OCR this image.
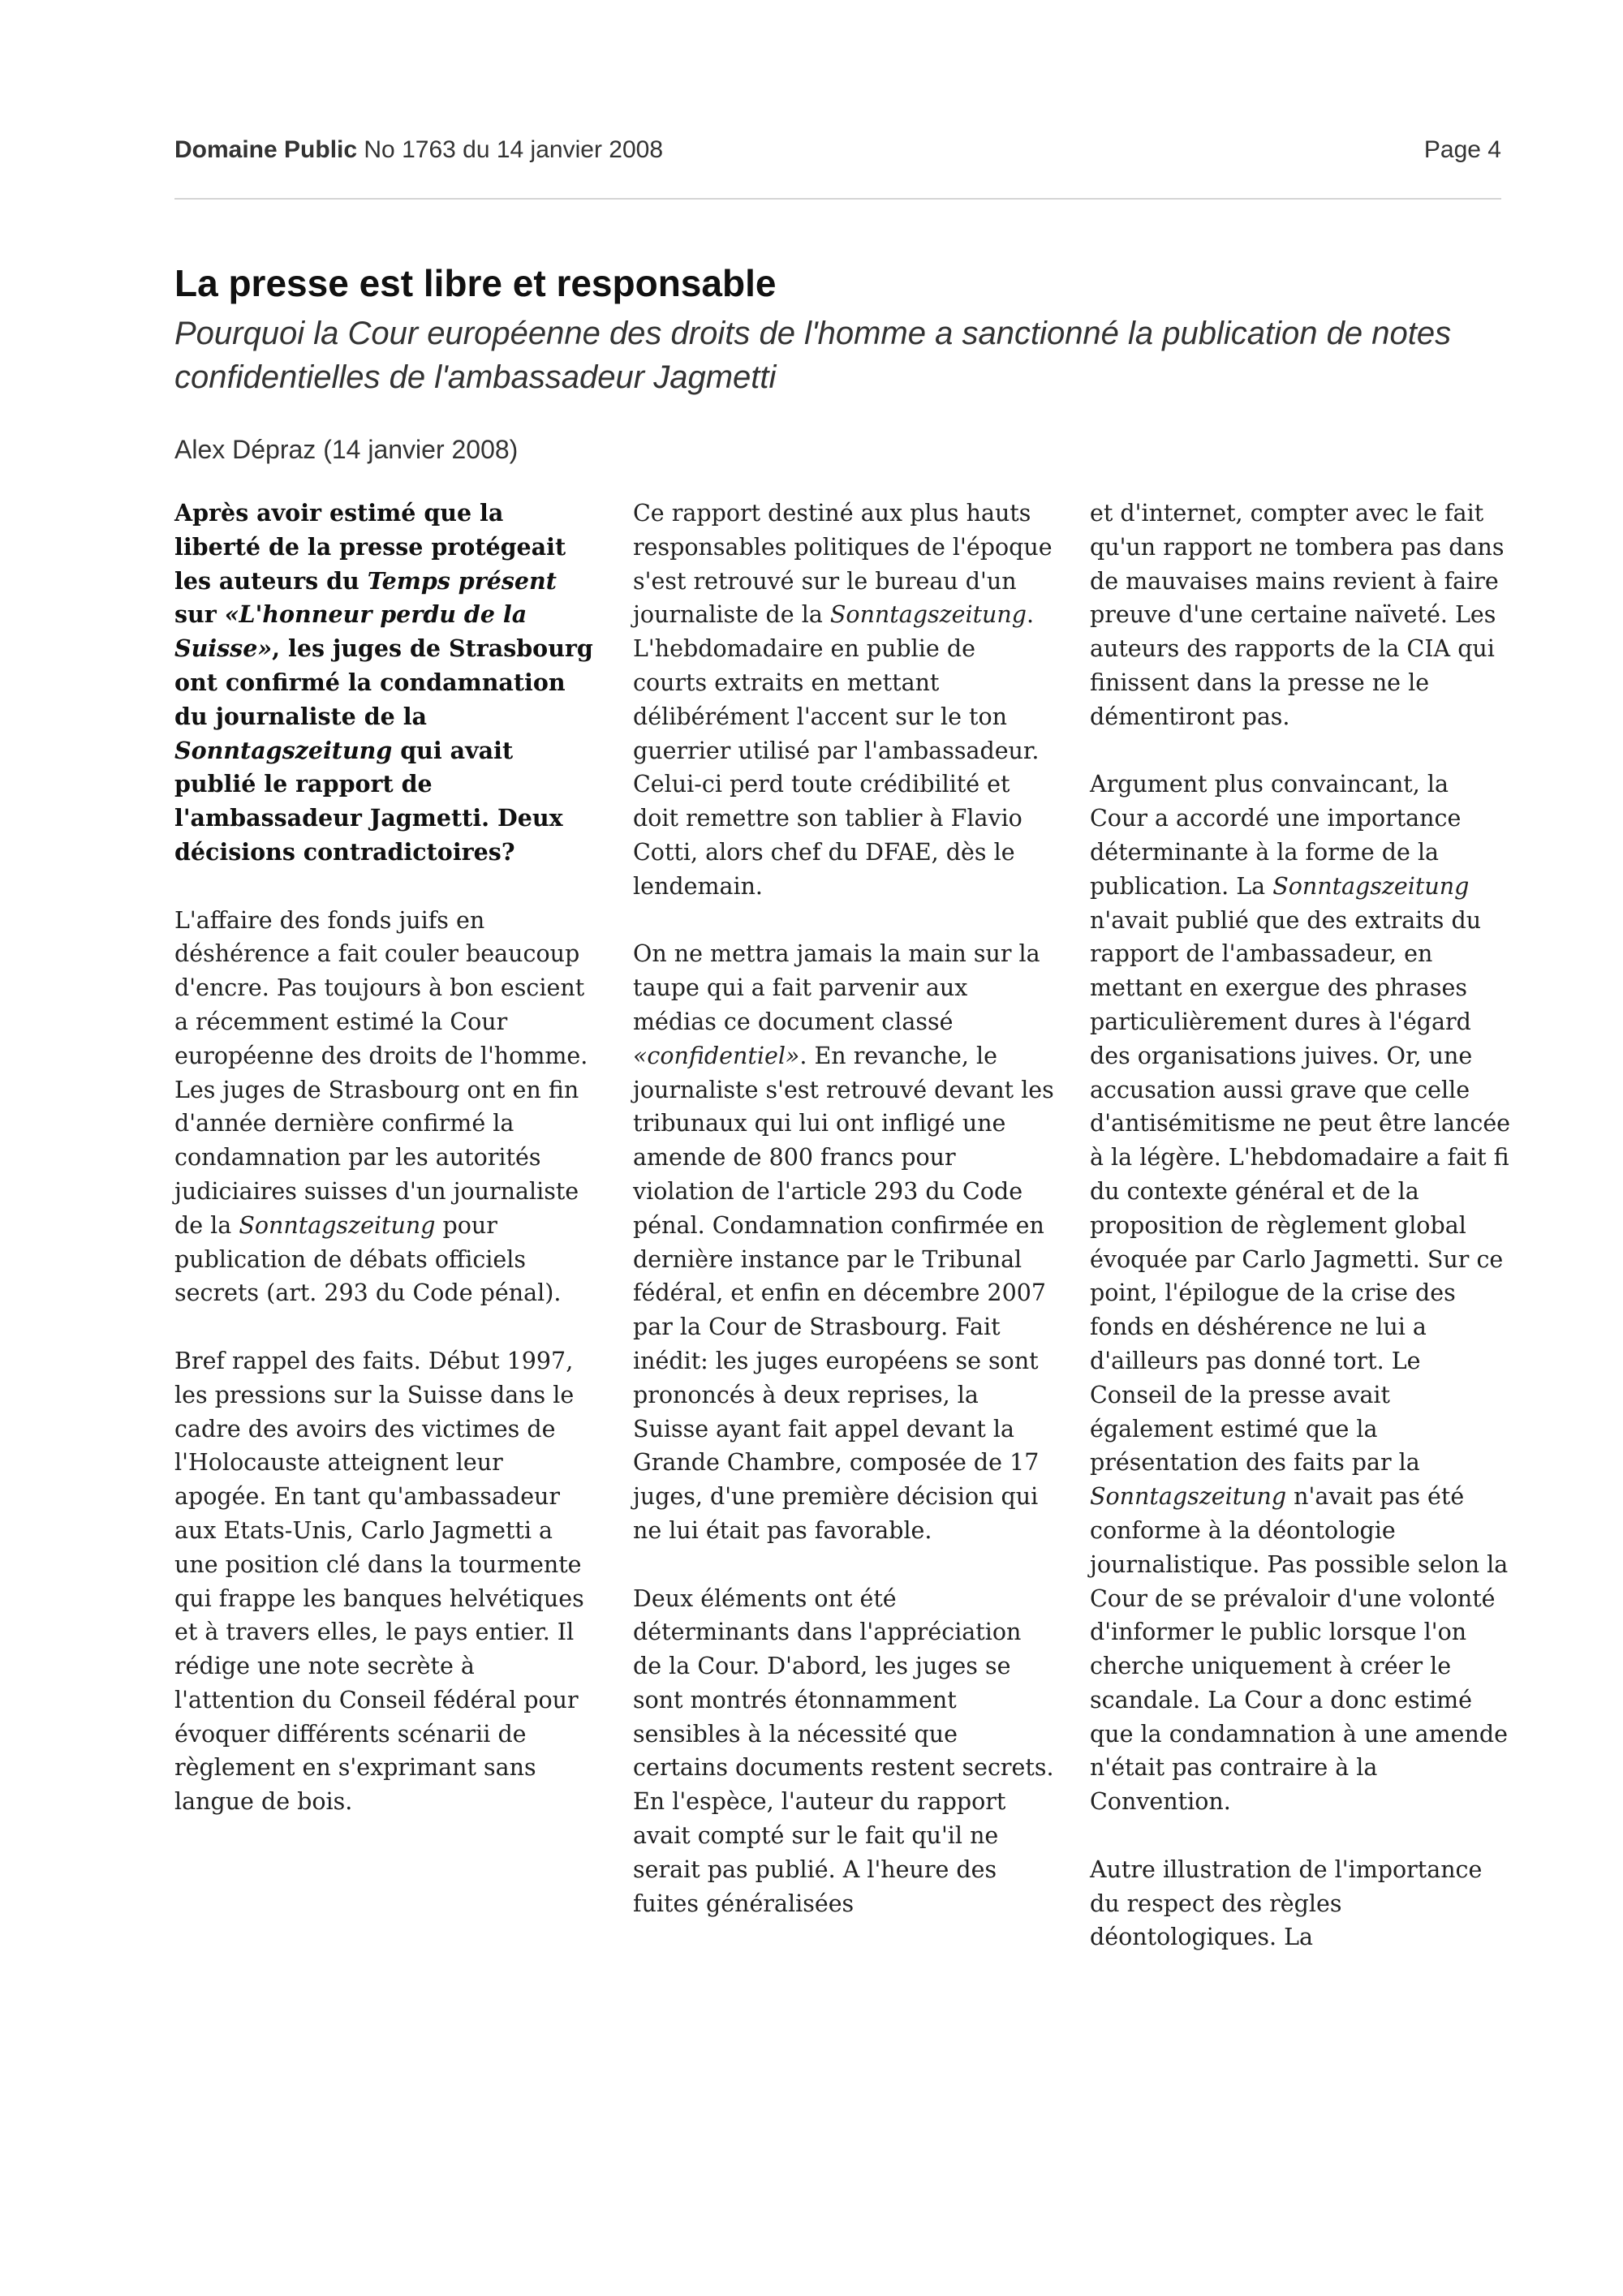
Domaine Public No 1763 du 14 janvier 2008	Page 4
La presse est libre et responsable

Pourquoi la Cour européenne des droits de l'homme a sanctionné la publication de notes confidentielles de l'ambassadeur Jagmetti

Alex Dépraz (14 janvier 2008)

Après avoir estimé que la liberté de la presse protégeait les auteurs du Temps présent sur «L'honneur perdu de la Suisse», les juges de Strasbourg ont confirmé la condamnation du journaliste de la Sonntagszeitung qui avait publié le rapport de l'ambassadeur Jagmetti. Deux décisions contradictoires?

L'affaire des fonds juifs en déshérence a fait couler beaucoup d'encre. Pas toujours à bon escient a récemment estimé la Cour européenne des droits de l'homme. Les juges de Strasbourg ont en fin d'année dernière confirmé la condamnation par les autorités judiciaires suisses d'un journaliste de la Sonntagszeitung pour publication de débats officiels secrets (art. 293 du Code pénal).

Bref rappel des faits. Début 1997, les pressions sur la Suisse dans le cadre des avoirs des victimes de l'Holocauste atteignent leur apogée. En tant qu'ambassadeur aux Etats-Unis, Carlo Jagmetti a une position clé dans la tourmente qui frappe les banques helvétiques et à travers elles, le pays entier. Il rédige une note secrète à l'attention du Conseil fédéral pour évoquer différents scénarii de règlement en s'exprimant sans langue de bois.

Ce rapport destiné aux plus hauts responsables politiques de l'époque s'est retrouvé sur le bureau d'un journaliste de la Sonntagszeitung. L'hebdomadaire en publie de courts extraits en mettant délibérément l'accent sur le ton guerrier utilisé par l'ambassadeur. Celui-ci perd toute crédibilité et doit remettre son tablier à Flavio Cotti, alors chef du DFAE, dès le lendemain.

On ne mettra jamais la main sur la taupe qui a fait parvenir aux médias ce document classé «confidentiel». En revanche, le journaliste s'est retrouvé devant les tribunaux qui lui ont infligé une amende de 800 francs pour violation de l'article 293 du Code pénal. Condamnation confirmée en dernière instance par le Tribunal fédéral, et enfin en décembre 2007 par la Cour de Strasbourg. Fait inédit: les juges européens se sont prononcés à deux reprises, la Suisse ayant fait appel devant la Grande Chambre, composée de 17 juges, d'une première décision qui ne lui était pas favorable.

Deux éléments ont été déterminants dans l'appréciation de la Cour. D'abord, les juges se sont montrés étonnamment sensibles à la nécessité que certains documents restent secrets. En l'espèce, l'auteur du rapport avait compté sur le fait qu'il ne serait pas publié. A l'heure des fuites généralisées

et d'internet, compter avec le fait qu'un rapport ne tombera pas dans de mauvaises mains revient à faire preuve d'une certaine naïveté. Les auteurs des rapports de la CIA qui finissent dans la presse ne le démentiront pas.

Argument plus convaincant, la Cour a accordé une importance déterminante à la forme de la publication. La Sonntagszeitung n'avait publié que des extraits du rapport de l'ambassadeur, en mettant en exergue des phrases particulièrement dures à l'égard des organisations juives. Or, une accusation aussi grave que celle d'antisémitisme ne peut être lancée à la légère. L'hebdomadaire a fait fi du contexte général et de la proposition de règlement global évoquée par Carlo Jagmetti. Sur ce point, l'épilogue de la crise des fonds en déshérence ne lui a d'ailleurs pas donné tort. Le Conseil de la presse avait également estimé que la présentation des faits par la Sonntagszeitung n'avait pas été conforme à la déontologie journalistique. Pas possible selon la Cour de se prévaloir d'une volonté d'informer le public lorsque l'on cherche uniquement à créer le scandale. La Cour a donc estimé que la condamnation à une amende n'était pas contraire à la Convention.

Autre illustration de l'importance du respect des règles déontologiques. La
